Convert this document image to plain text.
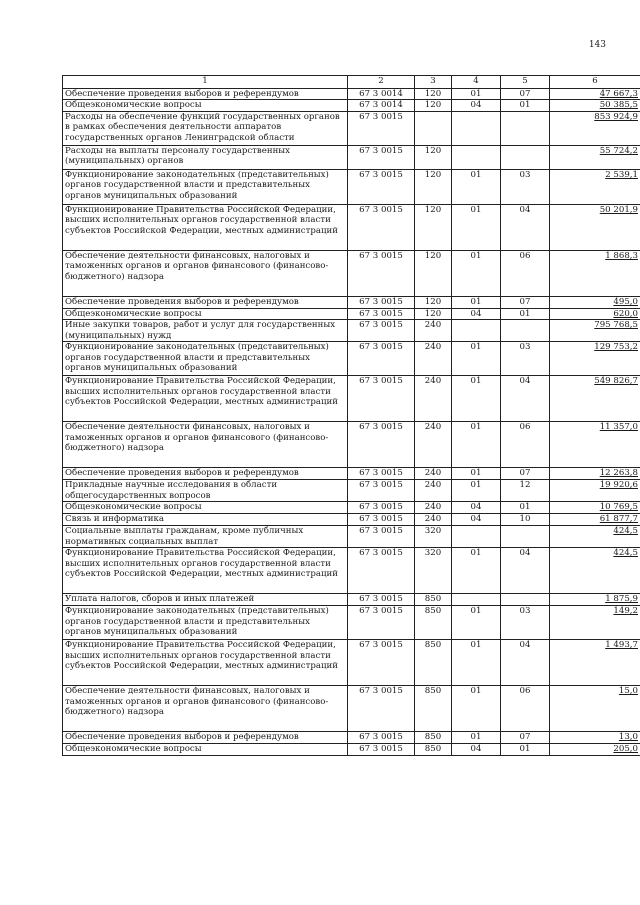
143
1	2	3	4	5	6
Обеспечение проведения выборов и референдумов	67 3 0014	120	01	07	47 667,3
Общеэкономические вопросы	67 3 0014	120	04	01	50 385,5
Расходы на обеспечение функций государственных органов в рамках обеспечения деятельности аппаратов государственных органов Ленинградской области	67 3 0015				853 924,9
Расходы на выплаты персоналу государственных (муниципальных) органов	67 3 0015	120			55 724,2
Функционирование законодательных (представительных) органов государственной власти и представительных органов муниципальных образований	67 3 0015	120	01	03	2 539,1
Функционирование Правительства Российской Федерации, высших исполнительных органов государственной власти субъектов Российской Федерации, местных администраций	67 3 0015	120	01	04	50 201,9
Обеспечение деятельности финансовых, налоговых и таможенных органов и органов финансового (финансово-бюджетного) надзора	67 3 0015	120	01	06	1 868,3
Обеспечение проведения выборов и референдумов	67 3 0015	120	01	07	495,0
Общеэкономические вопросы	67 3 0015	120	04	01	620,0
Иные закупки товаров, работ и услуг для государственных (муниципальных) нужд	67 3 0015	240			795 768,5
Функционирование законодательных (представительных) органов государственной власти и представительных органов муниципальных образований	67 3 0015	240	01	03	129 753,2
Функционирование Правительства Российской Федерации, высших исполнительных органов государственной власти субъектов Российской Федерации, местных администраций	67 3 0015	240	01	04	549 826,7
Обеспечение деятельности финансовых, налоговых и таможенных органов и органов финансового (финансово-бюджетного) надзора	67 3 0015	240	01	06	11 357,0
Обеспечение проведения выборов и референдумов	67 3 0015	240	01	07	12 263,8
Прикладные научные исследования в области общегосударственных вопросов	67 3 0015	240	01	12	19 920,6
Общеэкономические вопросы	67 3 0015	240	04	01	10 769,5
Связь и информатика	67 3 0015	240	04	10	61 877,7
Социальные выплаты гражданам, кроме публичных нормативных социальных выплат	67 3 0015	320			424,5
Функционирование Правительства Российской Федерации, высших исполнительных органов государственной власти субъектов Российской Федерации, местных администраций	67 3 0015	320	01	04	424,5
Уплата налогов, сборов и иных платежей	67 3 0015	850			1 875,9
Функционирование законодательных (представительных) органов государственной власти и представительных органов муниципальных образований	67 3 0015	850	01	03	149,2
Функционирование Правительства Российской Федерации, высших исполнительных органов государственной власти субъектов Российской Федерации, местных администраций	67 3 0015	850	01	04	1 493,7
Обеспечение деятельности финансовых, налоговых и таможенных органов и органов финансового (финансово-бюджетного) надзора	67 3 0015	850	01	06	15,0
Обеспечение проведения выборов и референдумов	67 3 0015	850	01	07	13,0
Общеэкономические вопросы	67 3 0015	850	04	01	205,0
